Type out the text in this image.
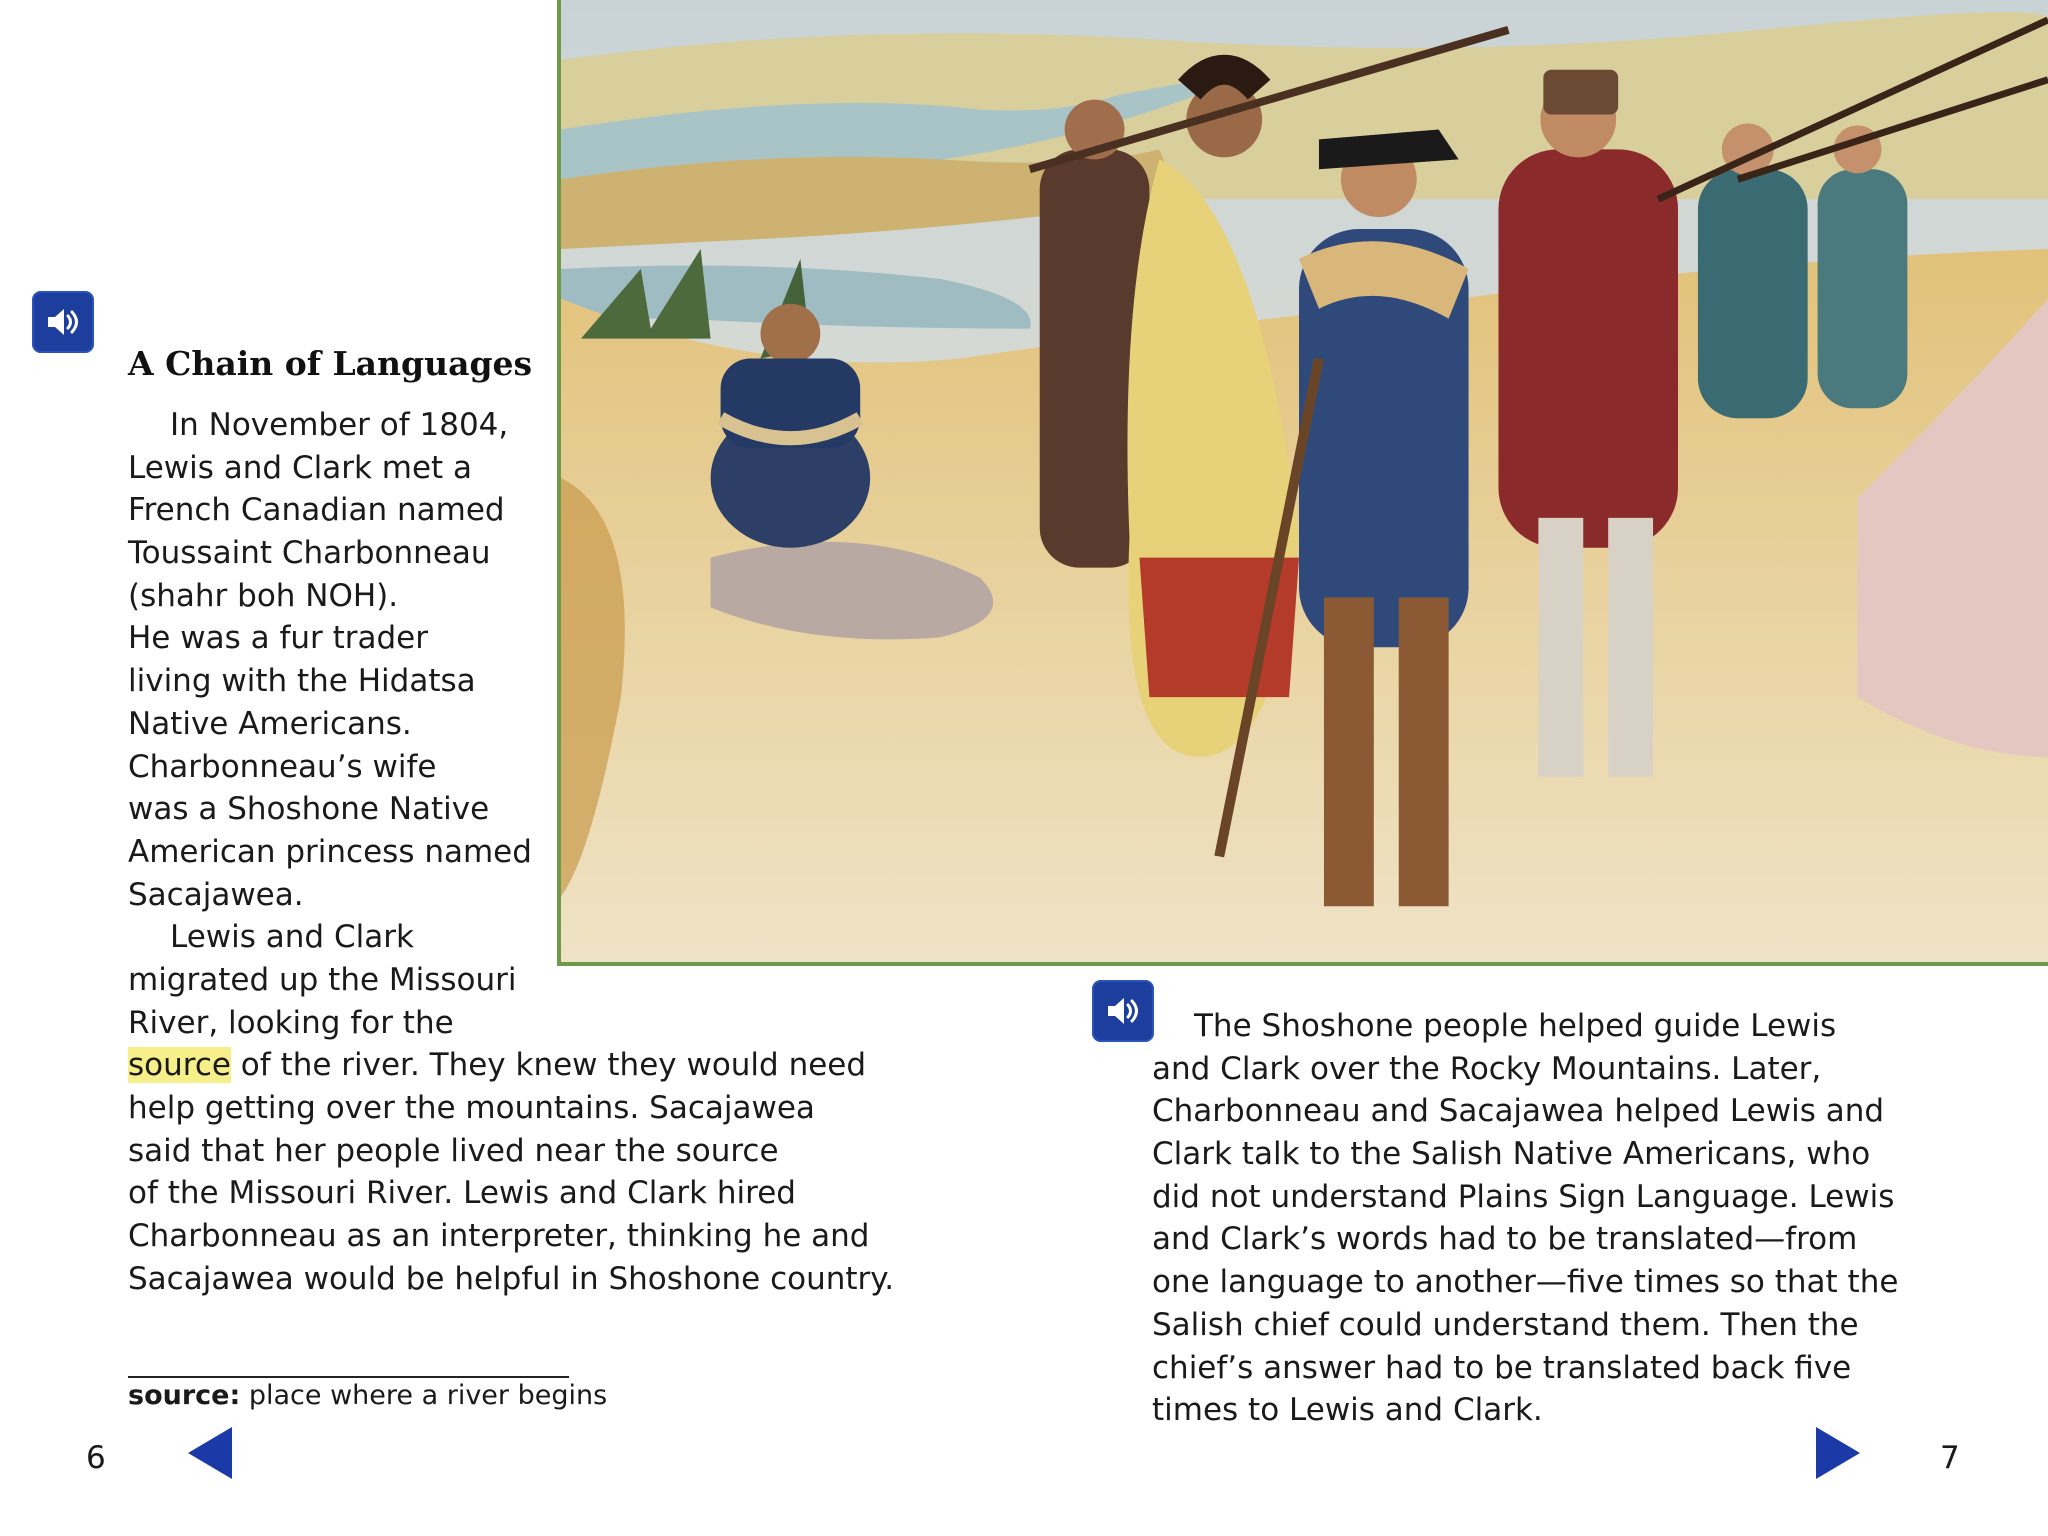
A Chain of Languages
In November of 1804,
Lewis and Clark met a
French Canadian named
Toussaint Charbonneau
(shahr boh NOH).
He was a fur trader
living with the Hidatsa
Native Americans.
Charbonneau’s wife
was a Shoshone Native
American princess named
Sacajawea.
Lewis and Clark
migrated up the Missouri
River, looking for the
source of the river. They knew they would need
help getting over the mountains. Sacajawea
said that her people lived near the source
of the Missouri River. Lewis and Clark hired
Charbonneau as an interpreter, thinking he and
Sacajawea would be helpful in Shoshone country.
source: place where a river begins
The Shoshone people helped guide Lewis
and Clark over the Rocky Mountains. Later,
Charbonneau and Sacajawea helped Lewis and
Clark talk to the Salish Native Americans, who
did not understand Plains Sign Language. Lewis
and Clark’s words had to be translated—from
one language to another—five times so that the
Salish chief could understand them. Then the
chief’s answer had to be translated back five
times to Lewis and Clark.
6	7
